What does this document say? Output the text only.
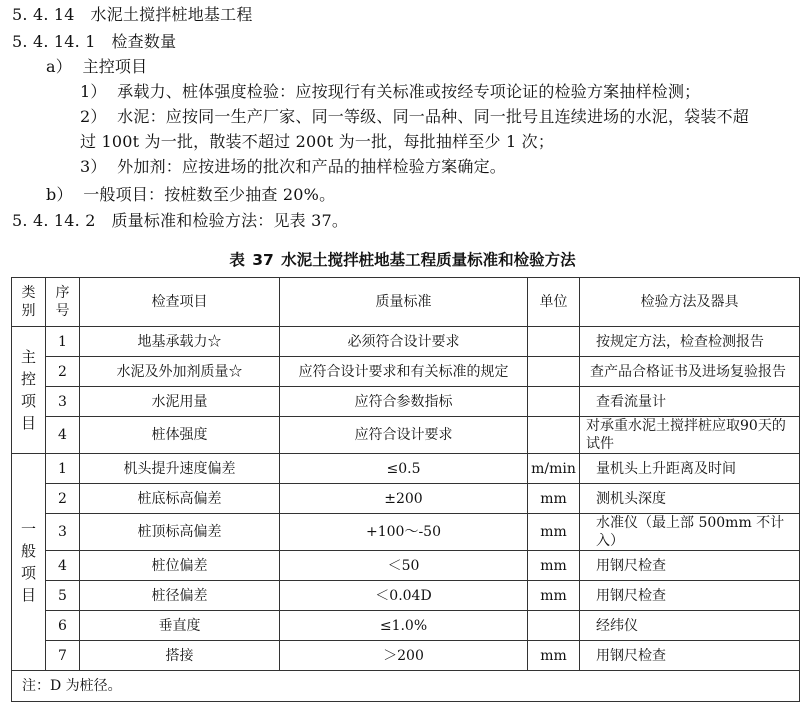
5. 4. 14 水泥土搅拌桩地基工程
5. 4. 14. 1 检查数量
a） 主控项目
1） 承载力、桩体强度检验：应按现行有关标准或按经专项论证的检验方案抽样检测；
2） 水泥：应按同一生产厂家、同一等级、同一品种、同一批号且连续进场的水泥，袋装不超
过 100t 为一批，散装不超过 200t 为一批，每批抽样至少 1 次；
3） 外加剂：应按进场的批次和产品的抽样检验方案确定。
b） 一般项目：按桩数至少抽查 20%。
5. 4. 14. 2 质量标准和检验方法：见表 37。
表 37 水泥土搅拌桩地基工程质量标准和检验方法
类别	序号	检查项目	质量标准	单位	检验方法及器具
主控项目	1	地基承载力☆	必须符合设计要求		按规定方法，检查检测报告
	2	水泥及外加剂质量☆	应符合设计要求和有关标准的规定		查产品合格证书及进场复验报告
	3	水泥用量	应符合参数指标		查看流量计
	4	桩体强度	应符合设计要求		对承重水泥土搅拌桩应取90天的试件
一般项目	1	机头提升速度偏差	≤0.5	m/min	量机头上升距离及时间
	2	桩底标高偏差	±200	mm	测机头深度
	3	桩顶标高偏差	+100～-50	mm	水准仪（最上部 500mm 不计入）
	4	桩位偏差	＜50	mm	用钢尺检查
	5	桩径偏差	＜0.04D	mm	用钢尺检查
	6	垂直度	≤1.0%		经纬仪
	7	搭接	＞200	mm	用钢尺检查
注：D 为桩径。					
